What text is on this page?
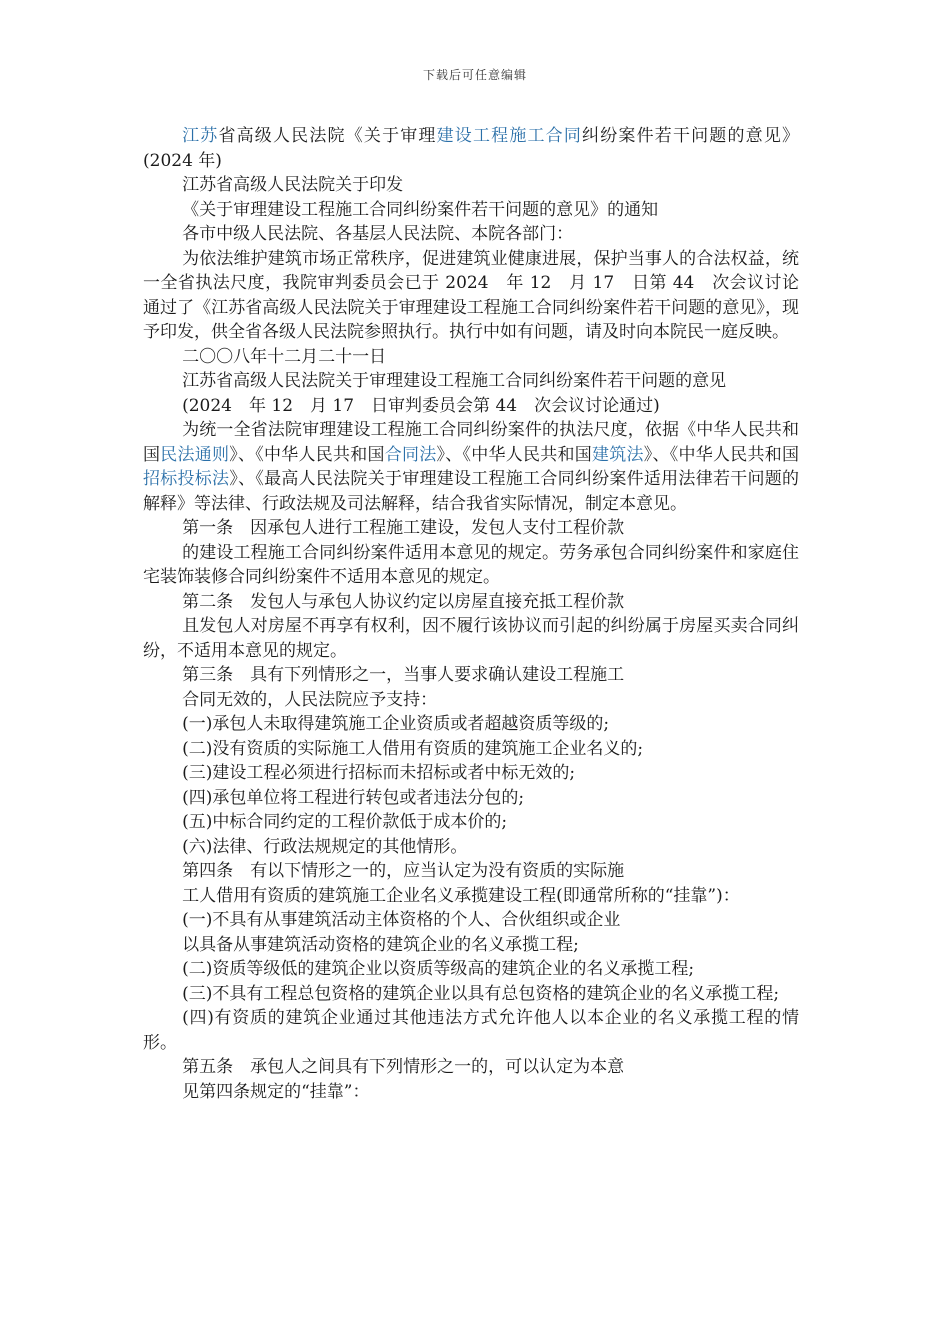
下载后可任意编辑

江苏省高级人民法院《关于审理建设工程施工合同纠纷案件若干问题的意见》(2024 年)

江苏省高级人民法院关于印发

《关于审理建设工程施工合同纠纷案件若干问题的意见》的通知

各市中级人民法院、各基层人民法院、本院各部门：

为依法维护建筑市场正常秩序，促进建筑业健康进展，保护当事人的合法权益，统一全省执法尺度，我院审判委员会已于 2024　年 12　月 17　日第 44　次会议讨论通过了《江苏省高级人民法院关于审理建设工程施工合同纠纷案件若干问题的意见》，现予印发，供全省各级人民法院参照执行。执行中如有问题，请及时向本院民一庭反映。

二〇〇八年十二月二十一日

江苏省高级人民法院关于审理建设工程施工合同纠纷案件若干问题的意见

(2024　年 12　月 17　日审判委员会第 44　次会议讨论通过)

为统一全省法院审理建设工程施工合同纠纷案件的执法尺度，依据《中华人民共和国民法通则》、《中华人民共和国合同法》、《中华人民共和国建筑法》、《中华人民共和国招标投标法》、《最高人民法院关于审理建设工程施工合同纠纷案件适用法律若干问题的解释》等法律、行政法规及司法解释，结合我省实际情况，制定本意见。

第一条　因承包人进行工程施工建设，发包人支付工程价款

的建设工程施工合同纠纷案件适用本意见的规定。劳务承包合同纠纷案件和家庭住宅装饰装修合同纠纷案件不适用本意见的规定。

第二条　发包人与承包人协议约定以房屋直接充抵工程价款

且发包人对房屋不再享有权利，因不履行该协议而引起的纠纷属于房屋买卖合同纠纷，不适用本意见的规定。

第三条　具有下列情形之一，当事人要求确认建设工程施工

合同无效的，人民法院应予支持：

(一)承包人未取得建筑施工企业资质或者超越资质等级的;

(二)没有资质的实际施工人借用有资质的建筑施工企业名义的;

(三)建设工程必须进行招标而未招标或者中标无效的;

(四)承包单位将工程进行转包或者违法分包的;

(五)中标合同约定的工程价款低于成本价的;

(六)法律、行政法规规定的其他情形。

第四条　有以下情形之一的，应当认定为没有资质的实际施

工人借用有资质的建筑施工企业名义承揽建设工程(即通常所称的“挂靠”)：

(一)不具有从事建筑活动主体资格的个人、合伙组织或企业

以具备从事建筑活动资格的建筑企业的名义承揽工程;

(二)资质等级低的建筑企业以资质等级高的建筑企业的名义承揽工程;

(三)不具有工程总包资格的建筑企业以具有总包资格的建筑企业的名义承揽工程;

(四)有资质的建筑企业通过其他违法方式允许他人以本企业的名义承揽工程的情形。

第五条　承包人之间具有下列情形之一的，可以认定为本意

见第四条规定的“挂靠”：
